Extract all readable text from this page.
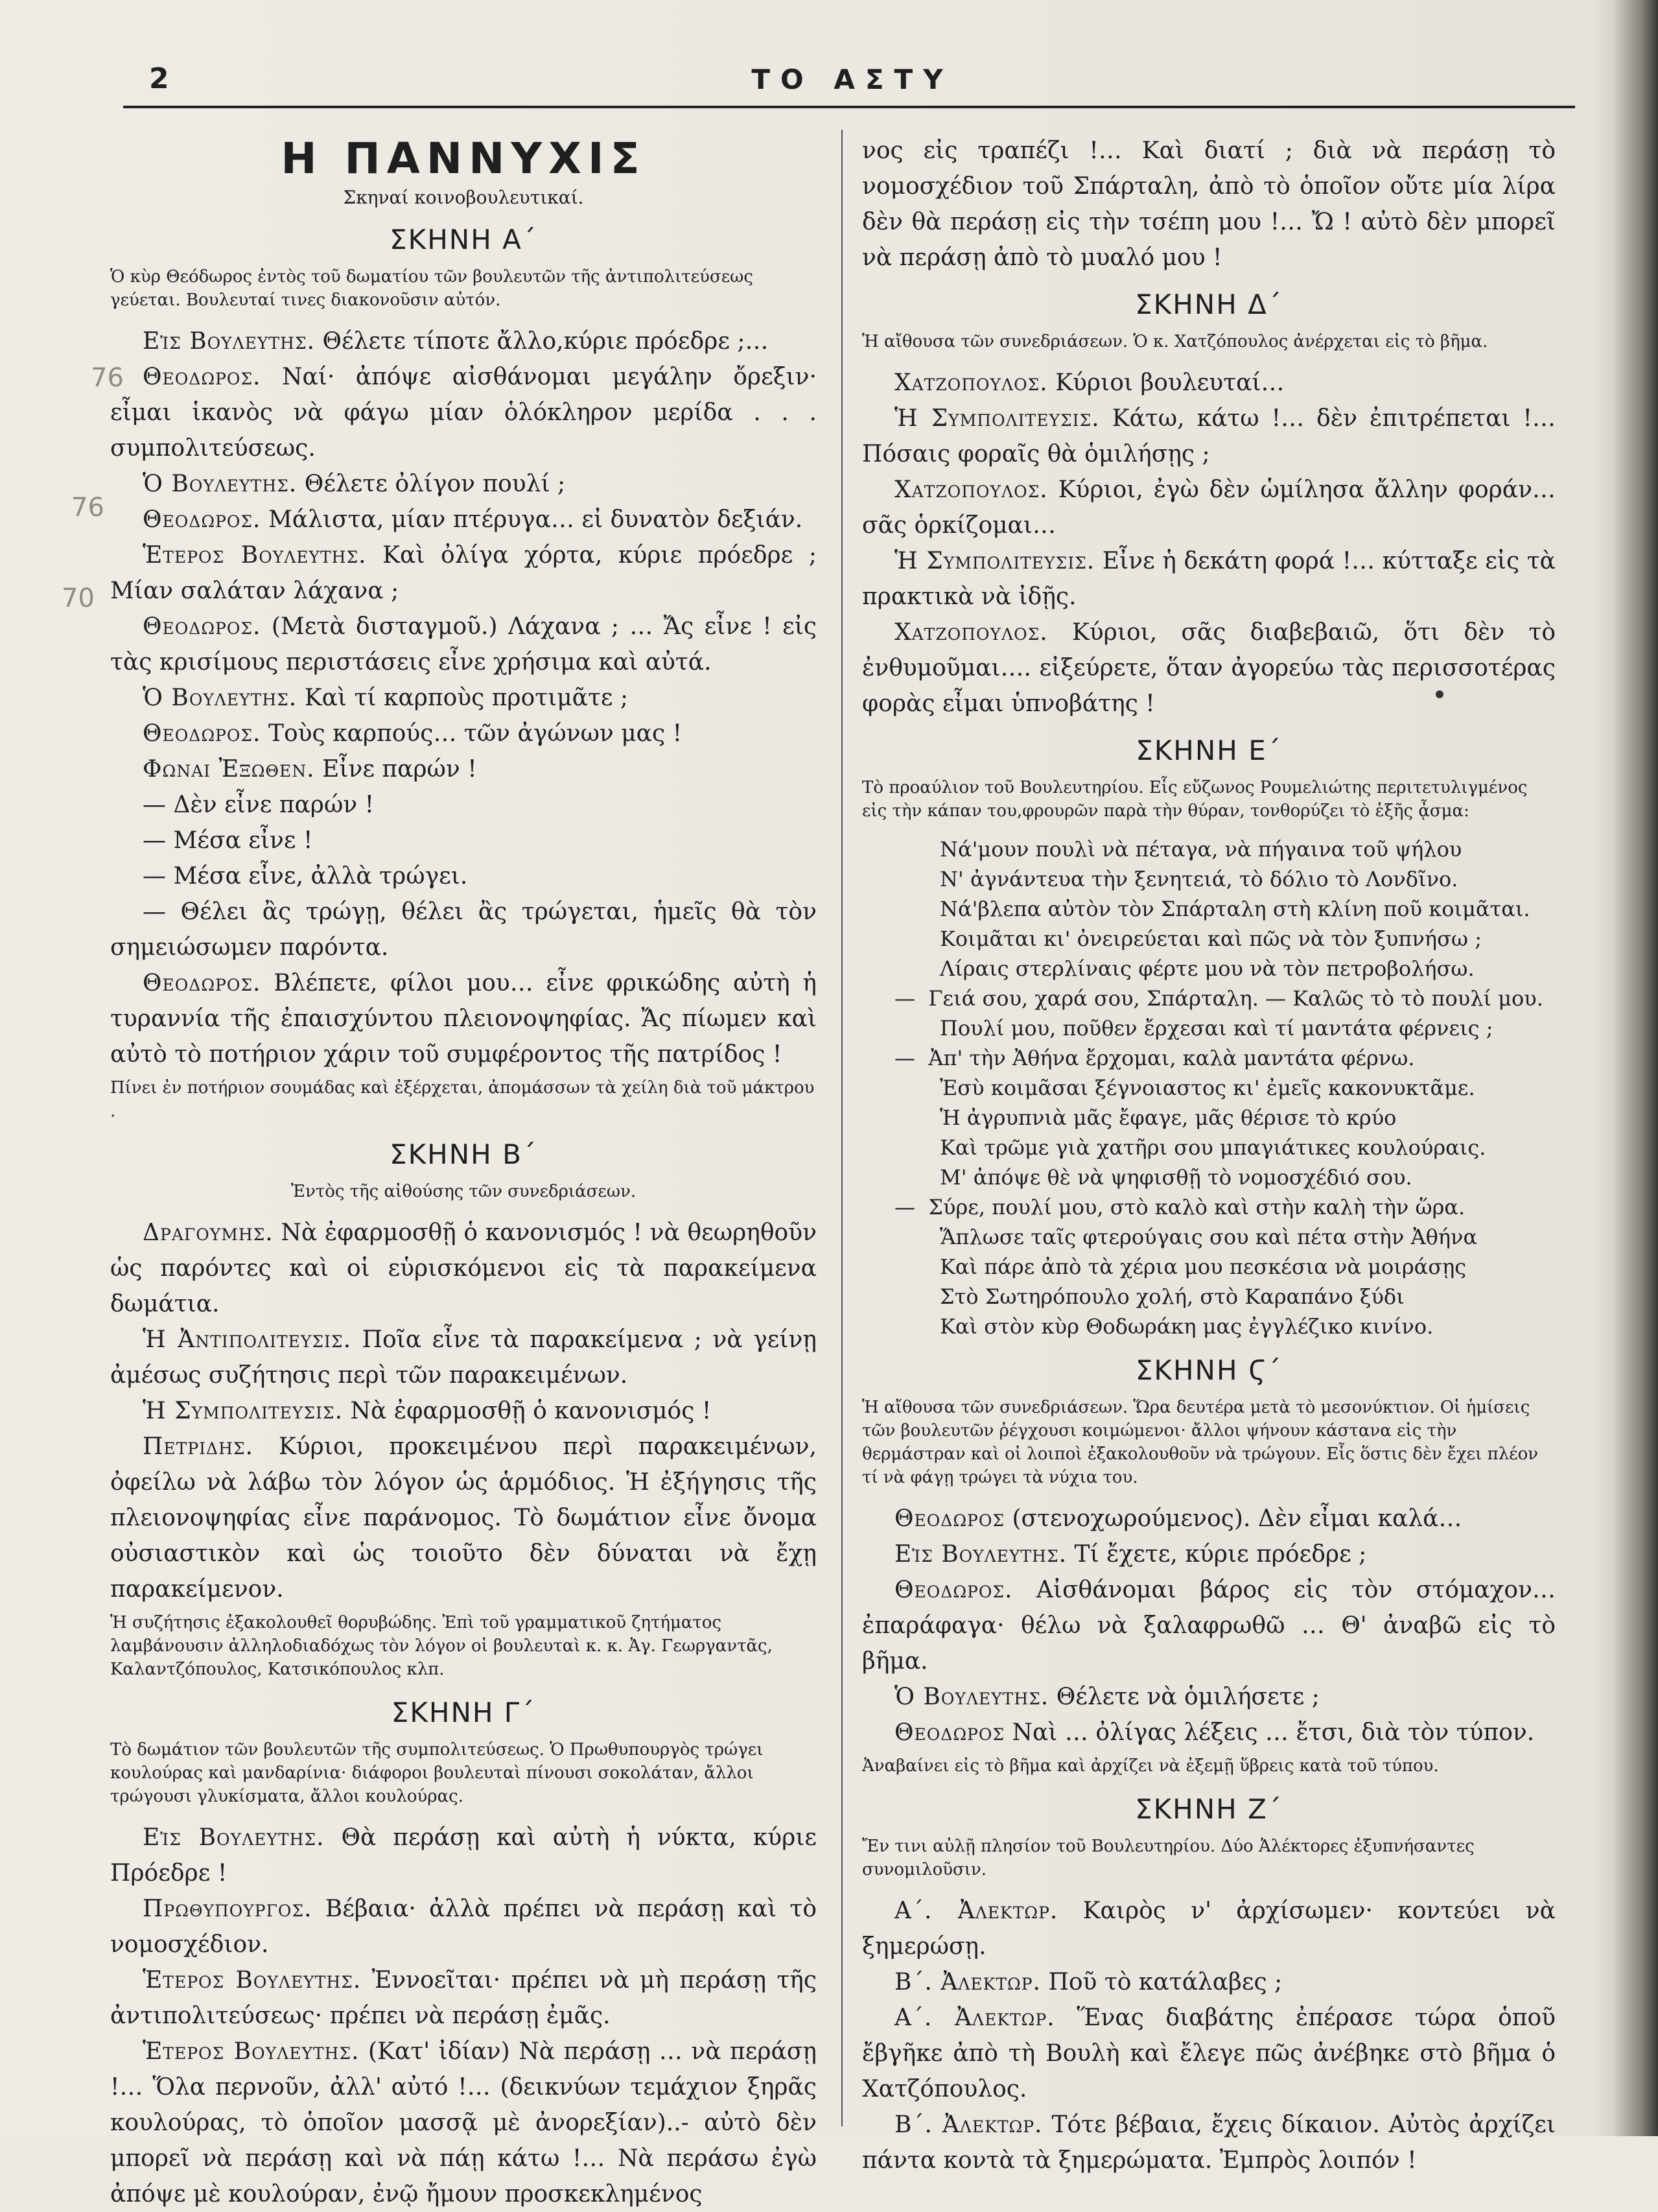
2	ΤΟ ΑΣΤΥ
76
76
70
Η ΠΑΝΝΥΧΙΣ
Σκηναί κοινοβουλευτικαί.
ΣΚΗΝΗ Α΄
Ὁ κὺρ Θεόδωρος ἐντὸς τοῦ δωματίου τῶν βουλευτῶν τῆς ἀντιπολιτεύσεως γεύεται. Βουλευταί τινες διακονοῦσιν αὐτόν.

Εἱς Βουλευτης. Θέλετε τίποτε ἄλλο,κύριε πρόεδρε ;…

Θεοδωρος. Ναί· ἀπόψε αἰσθάνομαι μεγάλην ὄρεξιν· εἶμαι ἱκανὸς νὰ φάγω μίαν ὁλόκληρον μερίδα . . . συμπολιτεύσεως.

Ὁ Βουλευτης. Θέλετε ὀλίγον πουλί ;

Θεοδωρος. Μάλιστα, μίαν πτέρυγα… εἰ δυνατὸν δεξιάν.

Ἑτερος Βουλευτης. Καὶ ὀλίγα χόρτα, κύριε πρόεδρε ; Μίαν σαλάταν λάχανα ;

Θεοδωρος. (Μετὰ δισταγμοῦ.) Λάχανα ; … Ἄς εἶνε ! εἰς τὰς κρισίμους περιστάσεις εἶνε χρήσιμα καὶ αὐτά.

Ὁ Βουλευτης. Καὶ τί καρποὺς προτιμᾶτε ;

Θεοδωρος. Τοὺς καρπούς… τῶν ἀγώνων μας !

Φωναι Ἐξωθεν. Εἶνε παρών !

— Δὲν εἶνε παρών !

— Μέσα εἶνε !

— Μέσα εἶνε, ἀλλὰ τρώγει.

— Θέλει ἂς τρώγῃ, θέλει ἂς τρώγεται, ἡμεῖς θὰ τὸν σημειώσωμεν παρόντα.

Θεοδωρος. Βλέπετε, φίλοι μου… εἶνε φρικώδης αὐτὴ ἡ τυραννία τῆς ἐπαισχύντου πλειονοψηφίας. Ἄς πίωμεν καὶ αὐτὸ τὸ ποτήριον χάριν τοῦ συμφέροντος τῆς πατρίδος !

Πίνει ἐν ποτήριον σουμάδας καὶ ἐξέρχεται, ἀπομάσσων τὰ χείλη διὰ τοῦ μάκτρου .
ΣΚΗΝΗ Β΄
Ἐντὸς τῆς αἰθούσης τῶν συνεδριάσεων.

Δραγουμης. Νὰ ἐφαρμοσθῇ ὁ κανονισμός ! νὰ θεωρηθοῦν ὡς παρόντες καὶ οἱ εὑρισκόμενοι εἰς τὰ παρακείμενα δωμάτια.

Ἡ Ἀντιπολιτευσις. Ποῖα εἶνε τὰ παρακείμενα ; νὰ γείνῃ ἀμέσως συζήτησις περὶ τῶν παρακειμένων.

Ἡ Συμπολιτευσις. Νὰ ἐφαρμοσθῇ ὁ κανονισμός !

Πετριδης. Κύριοι, προκειμένου περὶ παρακειμένων, ὀφείλω νὰ λάβω τὸν λόγον ὡς ἁρμόδιος. Ἡ ἐξήγησις τῆς πλειονοψηφίας εἶνε παράνομος. Τὸ δωμάτιον εἶνε ὄνομα οὐσιαστικὸν καὶ ὡς τοιοῦτο δὲν δύναται νὰ ἔχῃ παρακείμενον.

Ἡ συζήτησις ἐξακολουθεῖ θορυβώδης. Ἐπὶ τοῦ γραμματικοῦ ζητήματος λαμβάνουσιν ἀλληλοδιαδόχως τὸν λόγον οἱ βουλευταὶ κ. κ. Ἀγ. Γεωργαντᾶς, Καλαντζόπουλος, Κατσικόπουλος κλπ.
ΣΚΗΝΗ Γ΄
Τὸ δωμάτιον τῶν βουλευτῶν τῆς συμπολιτεύσεως. Ὁ Πρωθυπουργὸς τρώγει κουλούρας καὶ μανδαρίνια· διάφοροι βουλευταὶ πίνουσι σοκολάταν, ἄλλοι τρώγουσι γλυκίσματα, ἄλλοι κουλούρας.

Εἱς Βουλευτης. Θὰ περάσῃ καὶ αὐτὴ ἡ νύκτα, κύριε Πρόεδρε !

Πρωθυπουργος. Βέβαια· ἀλλὰ πρέπει νὰ περάσῃ καὶ τὸ νομοσχέδιον.

Ἑτερος Βουλευτης. Ἐννοεῖται· πρέπει νὰ μὴ περάσῃ τῆς ἀντιπολιτεύσεως· πρέπει νὰ περάσῃ ἐμᾶς.

Ἑτερος Βουλευτης. (Κατ' ἰδίαν) Νὰ περάσῃ … νὰ περάσῃ !… Ὅλα περνοῦν, ἀλλ' αὐτό !… (δεικνύων τεμάχιον ξηρᾶς κουλούρας, τὸ ὁποῖον μασσᾷ μὲ ἀνορεξίαν)..- αὐτὸ δὲν μπορεῖ νὰ περάσῃ καὶ νὰ πάῃ κάτω !… Νὰ περάσω ἐγὼ ἀπόψε μὲ κουλούραν, ἐνῷ ἤμουν προσκεκλημένος

νος εἰς τραπέζι !… Καὶ διατί ; διὰ νὰ περάσῃ τὸ νομοσχέδιον τοῦ Σπάρταλη, ἀπὸ τὸ ὁποῖον οὔτε μία λίρα δὲν θὰ περάσῃ εἰς τὴν τσέπη μου !… Ὤ ! αὐτὸ δὲν μπορεῖ νὰ περάσῃ ἀπὸ τὸ μυαλό μου !

ΣΚΗΝΗ Δ΄
Ἡ αἴθουσα τῶν συνεδριάσεων. Ὁ κ. Χατζόπουλος ἀνέρχεται εἰς τὸ βῆμα.

Χατζοπουλος. Κύριοι βουλευταί…

Ἡ Συμπολιτευσις. Κάτω, κάτω !… δὲν ἐπιτρέπεται !… Πόσαις φοραῖς θὰ ὁμιλήσῃς ;

Χατζοπουλος. Κύριοι, ἐγὼ δὲν ὡμίλησα ἄλλην φοράν… σᾶς ὁρκίζομαι…

Ἡ Συμπολιτευσις. Εἶνε ἡ δεκάτη φορά !… κύτταξε εἰς τὰ πρακτικὰ νὰ ἰδῇς.

Χατζοπουλος. Κύριοι, σᾶς διαβεβαιῶ, ὅτι δὲν τὸ ἐνθυμοῦμαι…. εἰξεύρετε, ὅταν ἀγορεύω τὰς περισσοτέρας φορὰς εἶμαι ὑπνοβάτης !

ΣΚΗΝΗ Ε΄
Τὸ προαύλιον τοῦ Βουλευτηρίου. Εἷς εὔζωνος Ρουμελιώτης περιτετυλιγμένος εἰς τὴν κάπαν του,φρουρῶν παρὰ τὴν θύραν, τονθορύζει τὸ ἑξῆς ᾆσμα:
Νά'μουν πουλὶ νὰ πέταγα, νὰ πήγαινα τοῦ ψήλου
Ν' ἀγνάντευα τὴν ξενητειά, τὸ δόλιο τὸ Λονδῖνο.
Νά'βλεπα αὐτὸν τὸν Σπάρταλη στὴ κλίνη ποῦ κοιμᾶται.
Κοιμᾶται κι' ὀνειρεύεται καὶ πῶς νὰ τὸν ξυπνήσω ;
Λίραις στερλίναις φέρτε μου νὰ τὸν πετροβολήσω.
—  Γειά σου, χαρά σου, Σπάρταλη. — Καλῶς τὸ τὸ πουλί μου.
Πουλί μου, ποῦθεν ἔρχεσαι καὶ τί μαντάτα φέρνεις ;
—  Ἀπ' τὴν Ἀθήνα ἔρχομαι, καλὰ μαντάτα φέρνω.
Ἐσὺ κοιμᾶσαι ξέγνοιαστος κι' ἐμεῖς κακονυκτᾶμε.
Ἡ ἀγρυπνιὰ μᾶς ἔφαγε, μᾶς θέρισε τὸ κρύο
Καὶ τρῶμε γιὰ χατῆρι σου μπαγιάτικες κουλούραις.
Μ' ἀπόψε θὲ νὰ ψηφισθῇ τὸ νομοσχέδιό σου.
—  Σύρε, πουλί μου, στὸ καλὸ καὶ στὴν καλὴ τὴν ὥρα.
Ἅπλωσε ταῖς φτερούγαις σου καὶ πέτα στὴν Ἀθήνα
Καὶ πάρε ἀπὸ τὰ χέρια μου πεσκέσια νὰ μοιράσῃς
Στὸ Σωτηρόπουλο χολή, στὸ Καραπάνο ξύδι
Καὶ στὸν κὺρ Θοδωράκη μας ἐγγλέζικο κινίνο.
ΣΚΗΝΗ Ϛ΄
Ἡ αἴθουσα τῶν συνεδριάσεων. Ὥρα δευτέρα μετὰ τὸ μεσονύκτιον. Οἱ ἡμίσεις τῶν βουλευτῶν ῥέγχουσι κοιμώμενοι· ἄλλοι ψήνουν κάστανα εἰς τὴν θερμάστραν καὶ οἱ λοιποὶ ἐξακολουθοῦν νὰ τρώγουν. Εἷς ὅστις δὲν ἔχει πλέον τί νὰ φάγῃ τρώγει τὰ νύχια του.

Θεοδωρος (στενοχωρούμενος). Δὲν εἶμαι καλά…

Εἱς Βουλευτης. Τί ἔχετε, κύριε πρόεδρε ;

Θεοδωρος. Αἰσθάνομαι βάρος εἰς τὸν στόμαχον… ἐπαράφαγα· θέλω νὰ ξαλαφρωθῶ … Θ' ἀναβῶ εἰς τὸ βῆμα.

Ὁ Βουλευτης. Θέλετε νὰ ὁμιλήσετε ;

Θεοδωρος Ναὶ … ὀλίγας λέξεις … ἔτσι, διὰ τὸν τύπον.

Ἀναβαίνει εἰς τὸ βῆμα καὶ ἀρχίζει νὰ ἐξεμῇ ὕβρεις κατὰ τοῦ τύπου.
ΣΚΗΝΗ Ζ΄
Ἔν τινι αὐλῇ πλησίον τοῦ Βουλευτηρίου. Δύο Ἀλέκτορες ἐξυπνήσαντες συνομιλοῦσιν.

Α΄. Ἀλεκτωρ. Καιρὸς ν' ἀρχίσωμεν· κοντεύει νὰ ξημερώσῃ.

Β΄. Ἀλεκτωρ. Ποῦ τὸ κατάλαβες ;

Α΄. Ἀλεκτωρ. Ἕνας διαβάτης ἐπέρασε τώρα ὁποῦ ἔβγῆκε ἀπὸ τὴ Βουλὴ καὶ ἔλεγε πῶς ἀνέβηκε στὸ βῆμα ὁ Χατζόπουλος.

Β΄. Ἀλεκτωρ. Τότε βέβαια, ἔχεις δίκαιον. Αὐτὸς ἀρχίζει πάντα κοντὰ τὰ ξημερώματα. Ἐμπρὸς λοιπόν !
